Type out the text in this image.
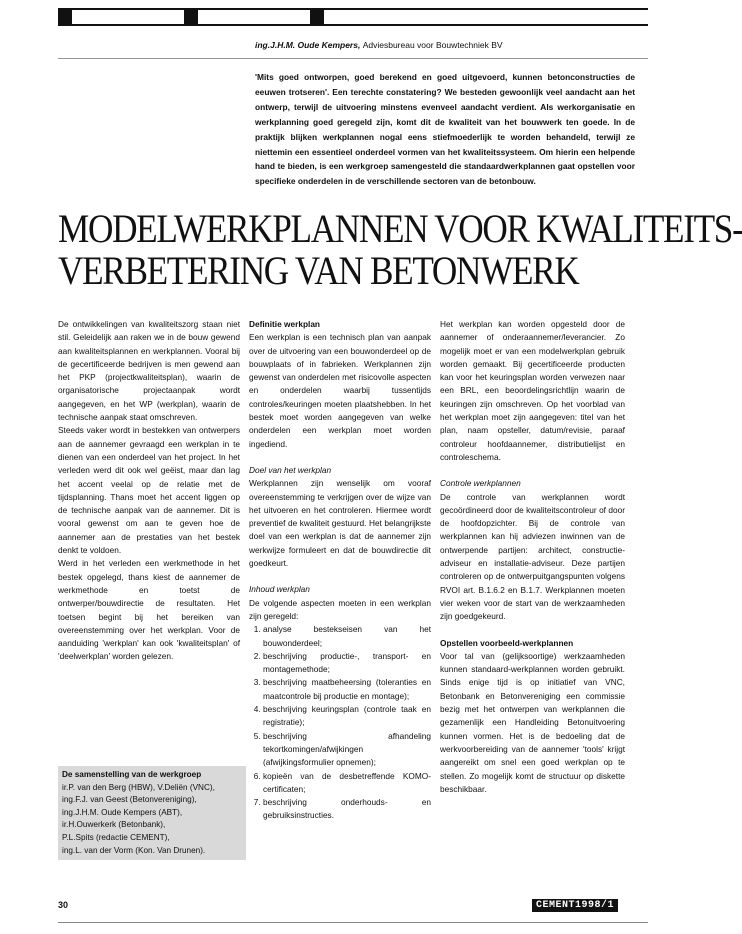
ing.J.H.M. Oude Kempers, Adviesbureau voor Bouwtechniek BV

'Mits goed ontworpen, goed berekend en goed uitgevoerd, kunnen betonconstructies de eeuwen trotseren'. Een terechte constatering? We besteden gewoonlijk veel aandacht aan het ontwerp, terwijl de uitvoering minstens evenveel aandacht verdient. Als werkorganisatie en werkplanning goed geregeld zijn, komt dit de kwaliteit van het bouwwerk ten goede. In de praktijk blijken werkplannen nogal eens stiefmoederlijk te worden behandeld, terwijl ze niettemin een essentieel onderdeel vormen van het kwaliteitssysteem. Om hierin een helpende hand te bieden, is een werkgroep samengesteld die standaardwerkplannen gaat opstellen voor specifieke onderdelen in de verschillende sectoren van de betonbouw.

MODELWERKPLANNEN VOOR KWALITEITS-
VERBETERING VAN BETONWERK

De ontwikkelingen van kwaliteitszorg staan niet stil. Geleidelijk aan raken we in de bouw gewend aan kwaliteitsplannen en werkplannen. Vooral bij de gecertificeerde bedrijven is men gewend aan het PKP (projectkwaliteitsplan), waarin de organisatorische projectaanpak wordt aangegeven, en het WP (werkplan), waarin de technische aanpak staat omschreven.

Steeds vaker wordt in bestekken van ontwerpers aan de aannemer gevraagd een werkplan in te dienen van een onderdeel van het project. In het verleden werd dit ook wel geëist, maar dan lag het accent veelal op de relatie met de tijdsplanning. Thans moet het accent liggen op de technische aanpak van de aannemer. Dit is vooral gewenst om aan te geven hoe de aannemer aan de prestaties van het bestek denkt te voldoen.

Werd in het verleden een werkmethode in het bestek opgelegd, thans kiest de aannemer de werkmethode en toetst de ontwerper/bouwdirectie de resultaten. Het toetsen begint bij het bereiken van overeenstemming over het werkplan. Voor de aanduiding 'werkplan' kan ook 'kwaliteitsplan' of 'deelwerkplan' worden gelezen.

De samenstelling van de werkgroep
ir.P. van den Berg (HBW), V.Deliën (VNC),
ing.F.J. van Geest (Betonvereniging),
ing.J.H.M. Oude Kempers (ABT),
ir.H.Ouwerkerk (Betonbank),
P.L.Spits (redactie CEMENT),
ing.L. van der Vorm (Kon. Van Drunen).

Definitie werkplan

Een werkplan is een technisch plan van aanpak over de uitvoering van een bouwonderdeel op de bouwplaats of in fabrieken. Werkplannen zijn gewenst van onderdelen met risicovolle aspecten en onderdelen waarbij tussentijds controles/keuringen moeten plaatshebben. In het bestek moet worden aangegeven van welke onderdelen een werkplan moet worden ingediend.

Doel van het werkplan

Werkplannen zijn wenselijk om vooraf overeenstemming te verkrijgen over de wijze van het uitvoeren en het controleren. Hiermee wordt preventief de kwaliteit gestuurd. Het belangrijkste doel van een werkplan is dat de aannemer zijn werkwijze formuleert en dat de bouwdirectie dit goedkeurt.

Inhoud werkplan

De volgende aspecten moeten in een werkplan zijn geregeld:

1. analyse bestekseisen van het bouwonderdeel;
2. beschrijving productie-, transport- en montagemethode;
3. beschrijving maatbeheersing (toleranties en maatcontrole bij productie en montage);
4. beschrijving keuringsplan (controle taak en registratie);
5. beschrijving afhandeling tekortkomingen/afwijkingen (afwijkingsformulier opnemen);
6. kopieën van de desbetreffende KOMO-certificaten;
7. beschrijving onderhouds- en gebruiksinstructies.

Het werkplan kan worden opgesteld door de aannemer of onderaannemer/leverancier. Zo mogelijk moet er van een modelwerkplan gebruik worden gemaakt. Bij gecertificeerde producten kan voor het keuringsplan worden verwezen naar een BRL, een beoordelingsrichtlijn waarin de keuringen zijn omschreven. Op het voorblad van het werkplan moet zijn aangegeven: titel van het plan, naam opsteller, datum/revisie, paraaf controleur hoofdaannemer, distributielijst en controleschema.

Controle werkplannen

De controle van werkplannen wordt gecoördineerd door de kwaliteitscontroleur of door de hoofdopzichter. Bij de controle van werkplannen kan hij adviezen inwinnen van de ontwerpende partijen: architect, constructie-adviseur en installatie-adviseur. Deze partijen controleren op de ontwerpuitgangspunten volgens RVOI art. B.1.6.2 en B.1.7. Werkplannen moeten vier weken voor de start van de werkzaamheden zijn goedgekeurd.

Opstellen voorbeeld-werkplannen

Voor tal van (gelijksoortige) werkzaamheden kunnen standaard-werkplannen worden gebruikt. Sinds enige tijd is op initiatief van VNC, Betonbank en Betonvereniging een commissie bezig met het ontwerpen van werkplannen die gezamenlijk een Handleiding Betonuitvoering kunnen vormen. Het is de bedoeling dat de werkvoorbereiding van de aannemer 'tools' krijgt aangereikt om snel een goed werkplan op te stellen. Zo mogelijk komt de structuur op diskette beschikbaar.

30	CEMENT1998/1
